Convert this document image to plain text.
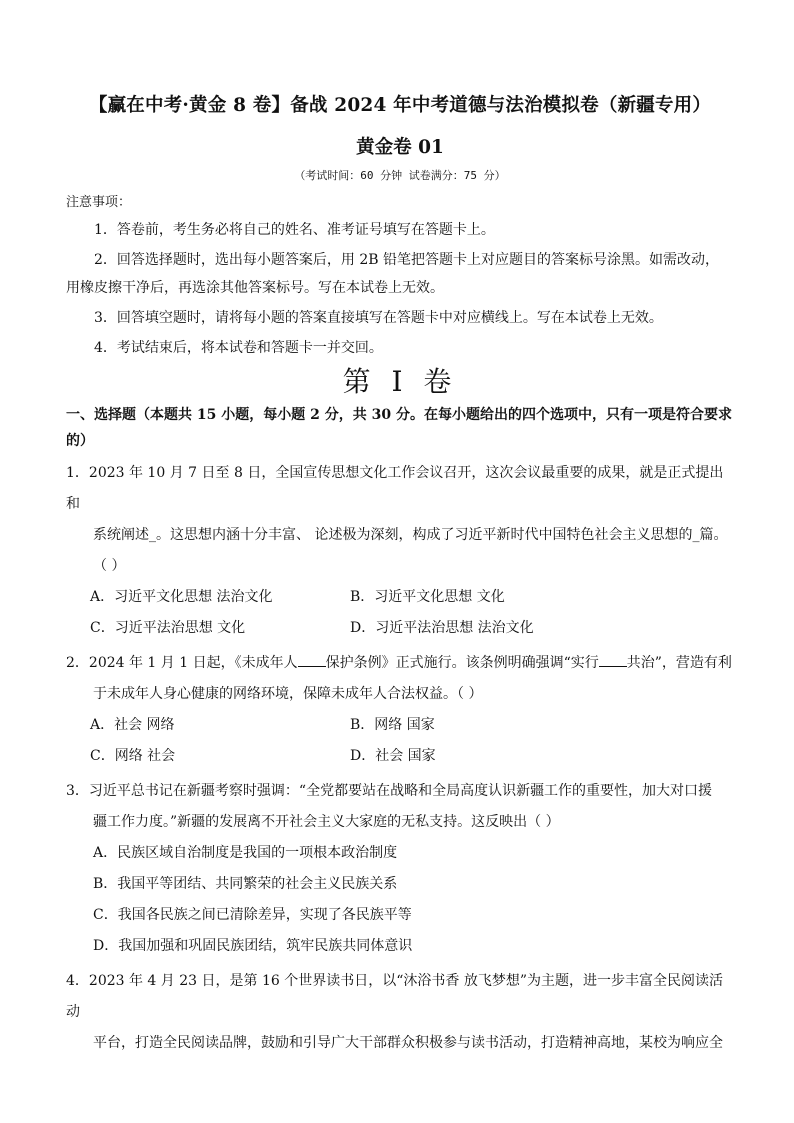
【赢在中考·黄金 8 卷】备战 2024 年中考道德与法治模拟卷（新疆专用）
黄金卷 01
（考试时间：60 分钟 试卷满分：75 分）
注意事项：
1．答卷前，考生务必将自己的姓名、准考证号填写在答题卡上。
2．回答选择题时，选出每小题答案后，用 2B 铅笔把答题卡上对应题目的答案标号涂黑。如需改动，
用橡皮擦干净后，再选涂其他答案标号。写在本试卷上无效。
3．回答填空题时，请将每小题的答案直接填写在答题卡中对应横线上。写在本试卷上无效。
4．考试结束后，将本试卷和答题卡一并交回。
第 I 卷
一、选择题（本题共 15 小题，每小题 2 分，共 30 分。在每小题给出的四个选项中，只有一项是符合要求
的）
1．2023 年 10 月 7 日至 8 日，全国宣传思想文化工作会议召开，这次会议最重要的成果，就是正式提出和
系统阐述_。这思想内涵十分丰富、 论述极为深刻，构成了习近平新时代中国特色社会主义思想的_篇。
（ ）
A．习近平文化思想 法治文化	B．习近平文化思想 文化
C．习近平法治思想 文化	D．习近平法治思想 法治文化
2．2024 年 1 月 1 日起，《未成年人 保护条例》正式施行。该条例明确强调“实行 共治”，营造有利
于未成年人身心健康的网络环境，保障未成年人合法权益。（ ）
A．社会 网络	B．网络 国家
C．网络 社会	D．社会 国家
3．习近平总书记在新疆考察时强调：“全党都要站在战略和全局高度认识新疆工作的重要性，加大对口援
疆工作力度。”新疆的发展离不开社会主义大家庭的无私支持。这反映出（ ）
A．民族区域自治制度是我国的一项根本政治制度
B．我国平等团结、共同繁荣的社会主义民族关系
C．我国各民族之间已清除差异，实现了各民族平等
D．我国加强和巩固民族团结，筑牢民族共同体意识
4．2023 年 4 月 23 日，是第 16 个世界读书日，以“沐浴书香 放飞梦想”为主题，进一步丰富全民阅读活动
平台，打造全民阅读品牌，鼓励和引导广大干部群众积极参与读书活动，打造精神高地，某校为响应全
